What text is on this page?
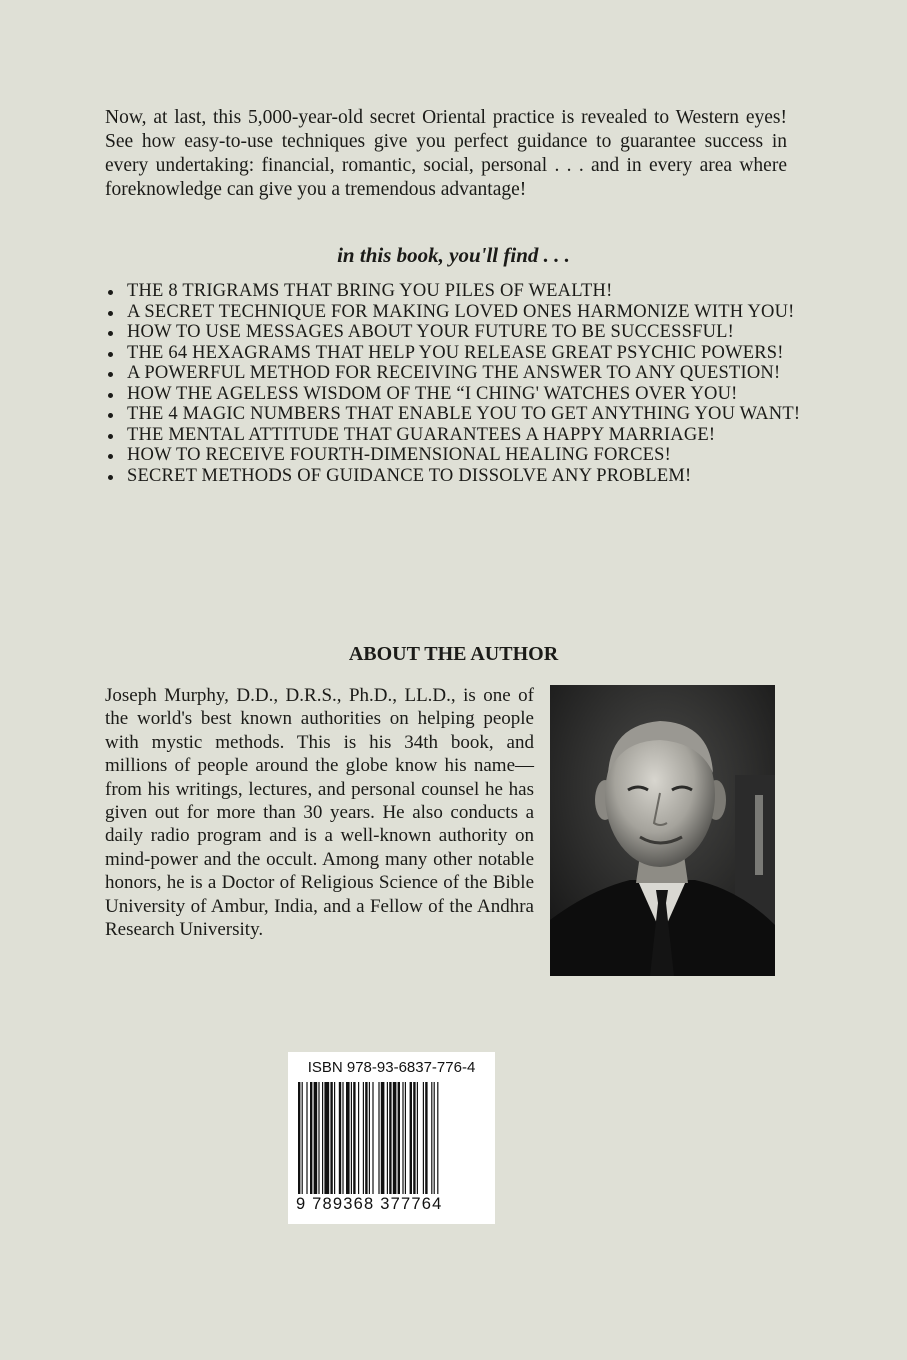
Now, at last, this 5,000-year-old secret Oriental practice is revealed to Western eyes! See how easy-to-use techniques give you perfect guidance to guarantee success in every undertaking: financial, romantic, social, personal . . . and in every area where foreknowledge can give you a tremendous advantage!

in this book, you'll find . . .

THE 8 TRIGRAMS THAT BRING YOU PILES OF WEALTH!
A SECRET TECHNIQUE FOR MAKING LOVED ONES HARMONIZE WITH YOU!
HOW TO USE MESSAGES ABOUT YOUR FUTURE TO BE SUCCESSFUL!
THE 64 HEXAGRAMS THAT HELP YOU RELEASE GREAT PSYCHIC POWERS!
A POWERFUL METHOD FOR RECEIVING THE ANSWER TO ANY QUESTION!
HOW THE AGELESS WISDOM OF THE “I CHING' WATCHES OVER YOU!
THE 4 MAGIC NUMBERS THAT ENABLE YOU TO GET ANYTHING YOU WANT!
THE MENTAL ATTITUDE THAT GUARANTEES A HAPPY MARRIAGE!
HOW TO RECEIVE FOURTH-DIMENSIONAL HEALING FORCES!
SECRET METHODS OF GUIDANCE TO DISSOLVE ANY PROBLEM!
ABOUT THE AUTHOR

Joseph Murphy, D.D., D.R.S., Ph.D., LL.D., is one of the world's best known authorities on helping people with mystic methods. This is his 34th book, and millions of people around the globe know his name—from his writings, lectures, and personal counsel he has given out for more than 30 years. He also conducts a daily radio program and is a well-known authority on mind-power and the occult. Among many other notable honors, he is a Doctor of Religious Science of the Bible University of Ambur, India, and a Fellow of the Andhra Research University.

ISBN 978-93-6837-776-4
9 789368 377764
